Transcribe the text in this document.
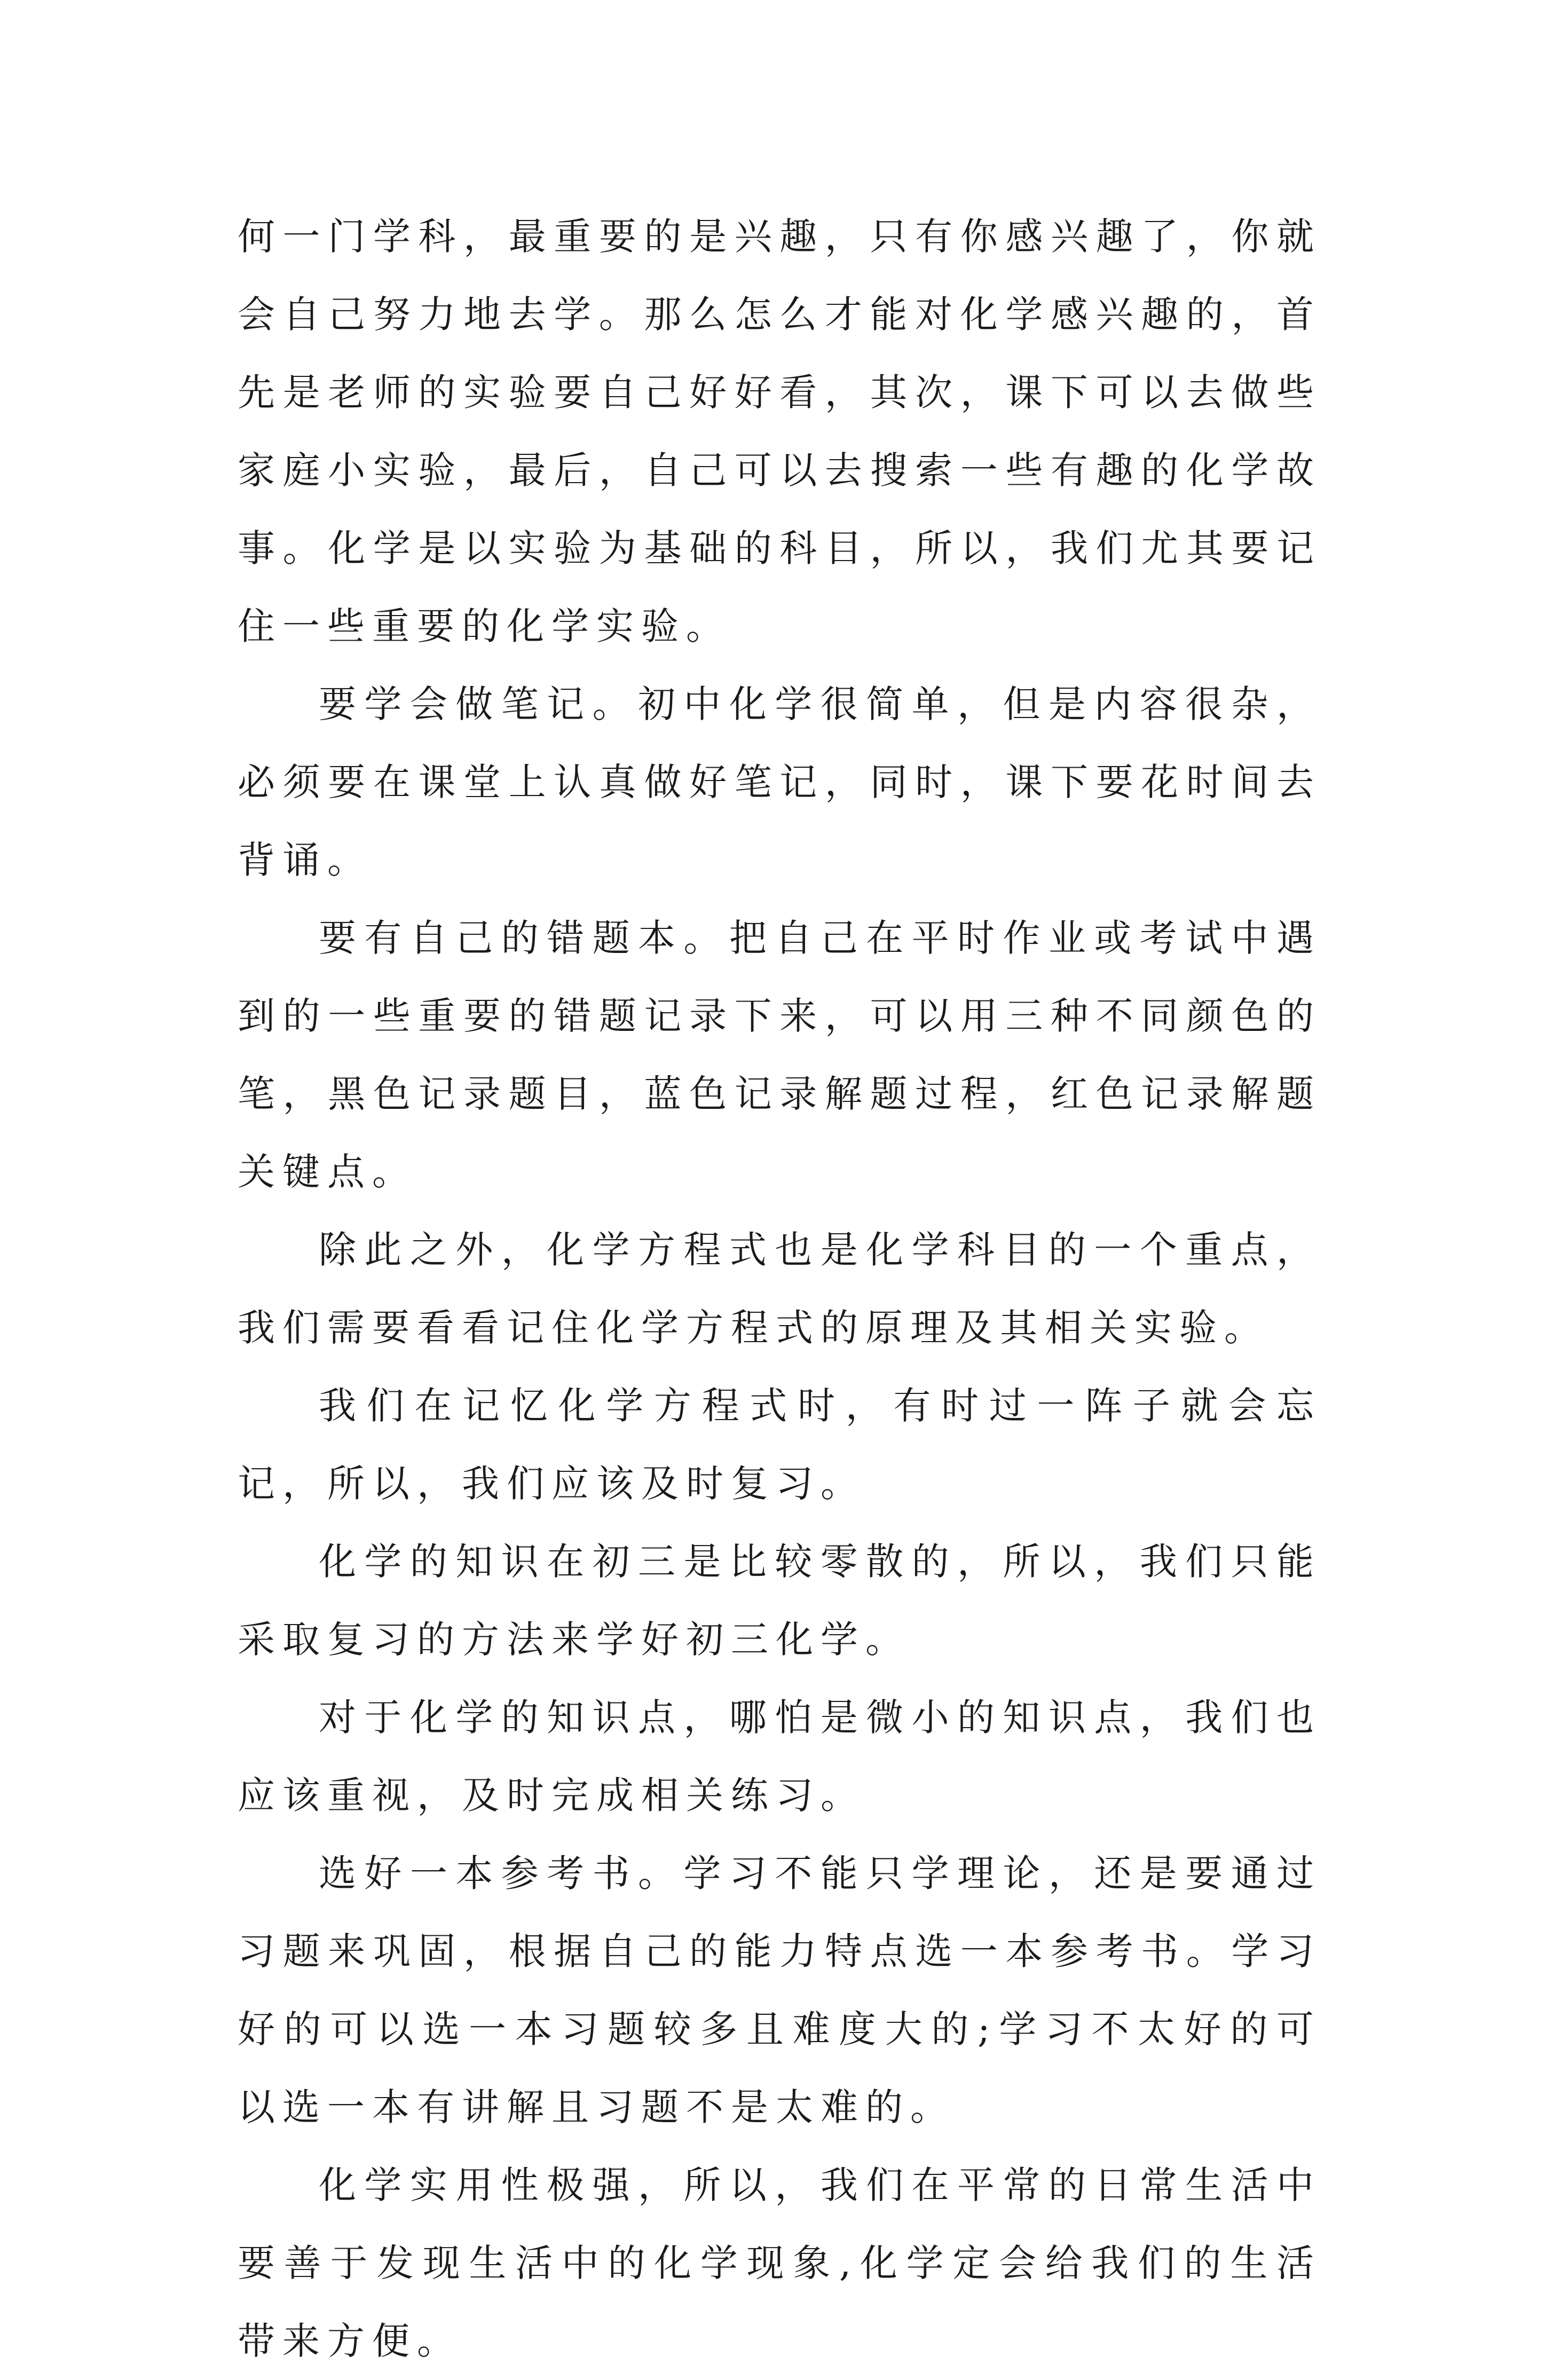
何一门学科，最重要的是兴趣，只有你感兴趣了，你就会自己努力地去学。那么怎么才能对化学感兴趣的，首先是老师的实验要自己好好看，其次，课下可以去做些家庭小实验，最后，自己可以去搜索一些有趣的化学故事。化学是以实验为基础的科目，所以，我们尤其要记住一些重要的化学实验。

要学会做笔记。初中化学很简单，但是内容很杂，必须要在课堂上认真做好笔记，同时，课下要花时间去背诵。

要有自己的错题本。把自己在平时作业或考试中遇到的一些重要的错题记录下来，可以用三种不同颜色的笔，黑色记录题目，蓝色记录解题过程，红色记录解题关键点。

除此之外，化学方程式也是化学科目的一个重点，我们需要看看记住化学方程式的原理及其相关实验。

我们在记忆化学方程式时，有时过一阵子就会忘记，所以，我们应该及时复习。

化学的知识在初三是比较零散的，所以，我们只能采取复习的方法来学好初三化学。

对于化学的知识点，哪怕是微小的知识点，我们也应该重视，及时完成相关练习。

选好一本参考书。学习不能只学理论，还是要通过习题来巩固，根据自己的能力特点选一本参考书。学习好的可以选一本习题较多且难度大的;学习不太好的可以选一本有讲解且习题不是太难的。

化学实用性极强，所以，我们在平常的日常生活中要善于发现生活中的化学现象,化学定会给我们的生活带来方便。
